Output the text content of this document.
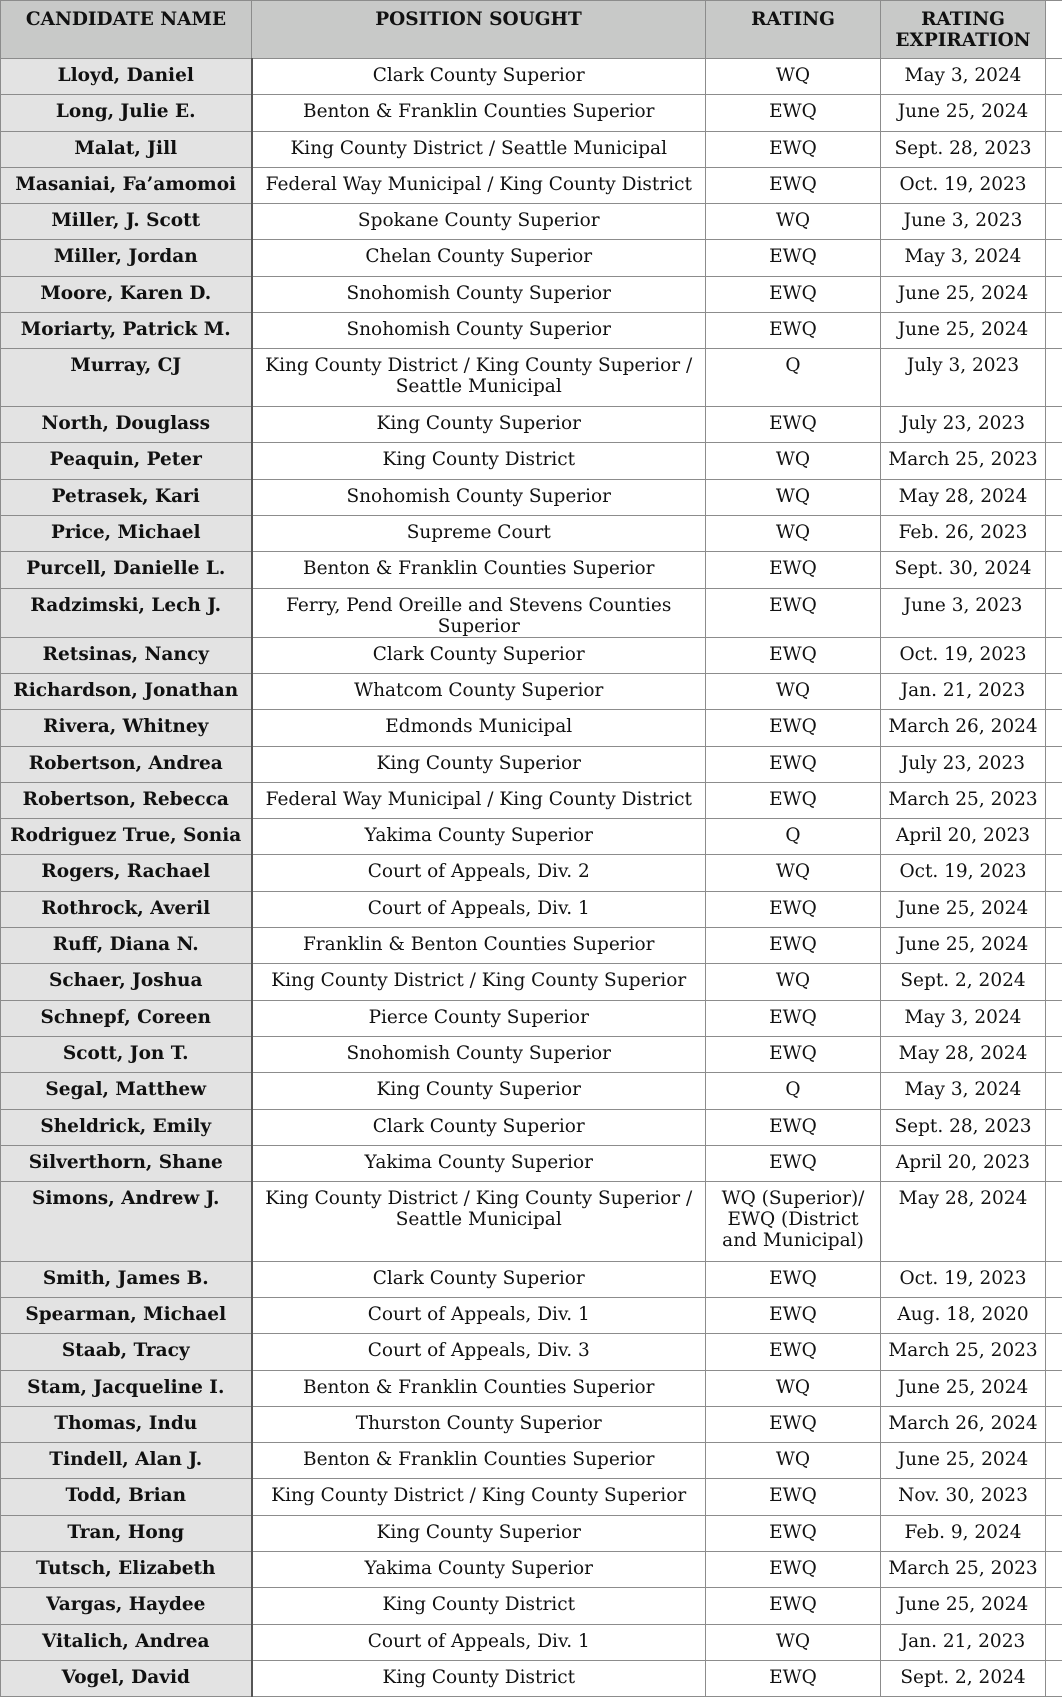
CANDIDATE NAME	POSITION SOUGHT	RATING	RATING EXPIRATION	
Lloyd, Daniel	Clark County Superior	WQ	May 3, 2024	
Long, Julie E.	Benton & Franklin Counties Superior	EWQ	June 25, 2024	
Malat, Jill	King County District / Seattle Municipal	EWQ	Sept. 28, 2023	
Masaniai, Fa’amomoi	Federal Way Municipal / King County District	EWQ	Oct. 19, 2023	
Miller, J. Scott	Spokane County Superior	WQ	June 3, 2023	
Miller, Jordan	Chelan County Superior	EWQ	May 3, 2024	
Moore, Karen D.	Snohomish County Superior	EWQ	June 25, 2024	
Moriarty, Patrick M.	Snohomish County Superior	EWQ	June 25, 2024	
Murray, CJ	King County District / King County Superior / Seattle Municipal	Q	July 3, 2023	
North, Douglass	King County Superior	EWQ	July 23, 2023	
Peaquin, Peter	King County District	WQ	March 25, 2023	
Petrasek, Kari	Snohomish County Superior	WQ	May 28, 2024	
Price, Michael	Supreme Court	WQ	Feb. 26, 2023	
Purcell, Danielle L.	Benton & Franklin Counties Superior	EWQ	Sept. 30, 2024	
Radzimski, Lech J.	Ferry, Pend Oreille and Stevens Counties Superior	EWQ	June 3, 2023	
Retsinas, Nancy	Clark County Superior	EWQ	Oct. 19, 2023	
Richardson, Jonathan	Whatcom County Superior	WQ	Jan. 21, 2023	
Rivera, Whitney	Edmonds Municipal	EWQ	March 26, 2024	
Robertson, Andrea	King County Superior	EWQ	July 23, 2023	
Robertson, Rebecca	Federal Way Municipal / King County District	EWQ	March 25, 2023	
Rodriguez True, Sonia	Yakima County Superior	Q	April 20, 2023	
Rogers, Rachael	Court of Appeals, Div. 2	WQ	Oct. 19, 2023	
Rothrock, Averil	Court of Appeals, Div. 1	EWQ	June 25, 2024	
Ruff, Diana N.	Franklin & Benton Counties Superior	EWQ	June 25, 2024	
Schaer, Joshua	King County District / King County Superior	WQ	Sept. 2, 2024	
Schnepf, Coreen	Pierce County Superior	EWQ	May 3, 2024	
Scott, Jon T.	Snohomish County Superior	EWQ	May 28, 2024	
Segal, Matthew	King County Superior	Q	May 3, 2024	
Sheldrick, Emily	Clark County Superior	EWQ	Sept. 28, 2023	
Silverthorn, Shane	Yakima County Superior	EWQ	April 20, 2023	
Simons, Andrew J.	King County District / King County Superior / Seattle Municipal	WQ (Superior)/ EWQ (District and Municipal)	May 28, 2024	
Smith, James B.	Clark County Superior	EWQ	Oct. 19, 2023	
Spearman, Michael	Court of Appeals, Div. 1	EWQ	Aug. 18, 2020	
Staab, Tracy	Court of Appeals, Div. 3	EWQ	March 25, 2023	
Stam, Jacqueline I.	Benton & Franklin Counties Superior	WQ	June 25, 2024	
Thomas, Indu	Thurston County Superior	EWQ	March 26, 2024	
Tindell, Alan J.	Benton & Franklin Counties Superior	WQ	June 25, 2024	
Todd, Brian	King County District / King County Superior	EWQ	Nov. 30, 2023	
Tran, Hong	King County Superior	EWQ	Feb. 9, 2024	
Tutsch, Elizabeth	Yakima County Superior	EWQ	March 25, 2023	
Vargas, Haydee	King County District	EWQ	June 25, 2024	
Vitalich, Andrea	Court of Appeals, Div. 1	WQ	Jan. 21, 2023	
Vogel, David	King County District	EWQ	Sept. 2, 2024	
